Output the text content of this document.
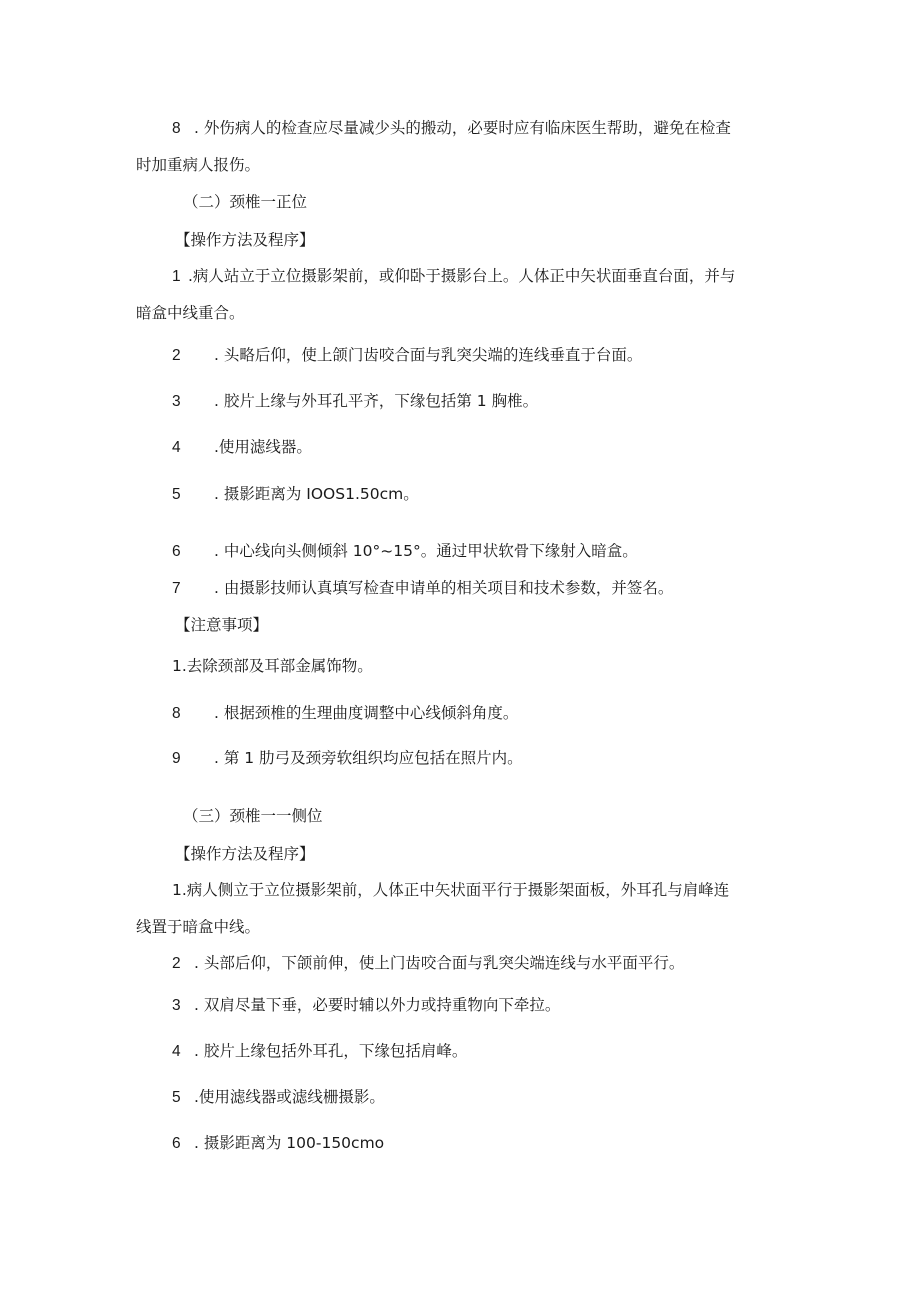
8 . 外伤病人的检查应尽量减少头的搬动，必要时应有临床医生帮助，避免在检查
时加重病人报伤。
（二）颈椎一正位
【操作方法及程序】
1 .病人站立于立位摄影架前，或仰卧于摄影台上。人体正中矢状面垂直台面，并与
暗盒中线重合。
2 . 头略后仰，使上颌门齿咬合面与乳突尖端的连线垂直于台面。
3 . 胶片上缘与外耳孔平齐，下缘包括第 1 胸椎。
4 .使用滤线器。
5 . 摄影距离为 IOOS1.50cm。
6 . 中心线向头侧倾斜 10°~15°。通过甲状软骨下缘射入暗盒。
7 . 由摄影技师认真填写检查申请单的相关项目和技术参数，并签名。
【注意事项】
1.去除颈部及耳部金属饰物。
8 . 根据颈椎的生理曲度调整中心线倾斜角度。
9 . 第 1 肋弓及颈旁软组织均应包括在照片内。
（三）颈椎一一侧位
【操作方法及程序】
1.病人侧立于立位摄影架前，人体正中矢状面平行于摄影架面板，外耳孔与肩峰连
线置于暗盒中线。
2 . 头部后仰，下颌前伸，使上门齿咬合面与乳突尖端连线与水平面平行。
3 . 双肩尽量下垂，必要时辅以外力或持重物向下牵拉。
4 . 胶片上缘包括外耳孔，下缘包括肩峰。
5 .使用滤线器或滤线栅摄影。
6 . 摄影距离为 100-150cmo
